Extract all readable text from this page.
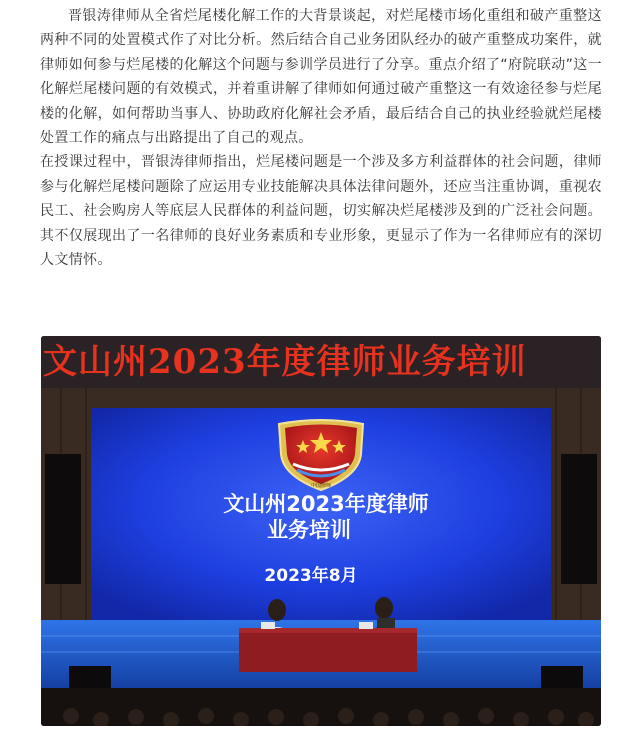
晋银涛律师从全省烂尾楼化解工作的大背景谈起，对烂尾楼市场化重组和破产重整这两种不同的处置模式作了对比分析。然后结合自己业务团队经办的破产重整成功案件，就律师如何参与烂尾楼的化解这个问题与参训学员进行了分享。重点介绍了“府院联动”这一化解烂尾楼问题的有效模式，并着重讲解了律师如何通过破产重整这一有效途径参与烂尾楼的化解，如何帮助当事人、协助政府化解社会矛盾，最后结合自己的执业经验就烂尾楼处置工作的痛点与出路提出了自己的观点。

在授课过程中，晋银涛律师指出，烂尾楼问题是一个涉及多方利益群体的社会问题，律师参与化解烂尾楼问题除了应运用专业技能解决具体法律问题外，还应当注重协调，重视农民工、社会购房人等底层人民群体的利益问题，切实解决烂尾楼涉及到的广泛社会问题。其不仅展现出了一名律师的良好业务素质和专业形象，更显示了作为一名律师应有的深切人文情怀。

文山州2023年度律师业务培训
中国律师
文山州2023年度律师
业务培训
2023年8月
